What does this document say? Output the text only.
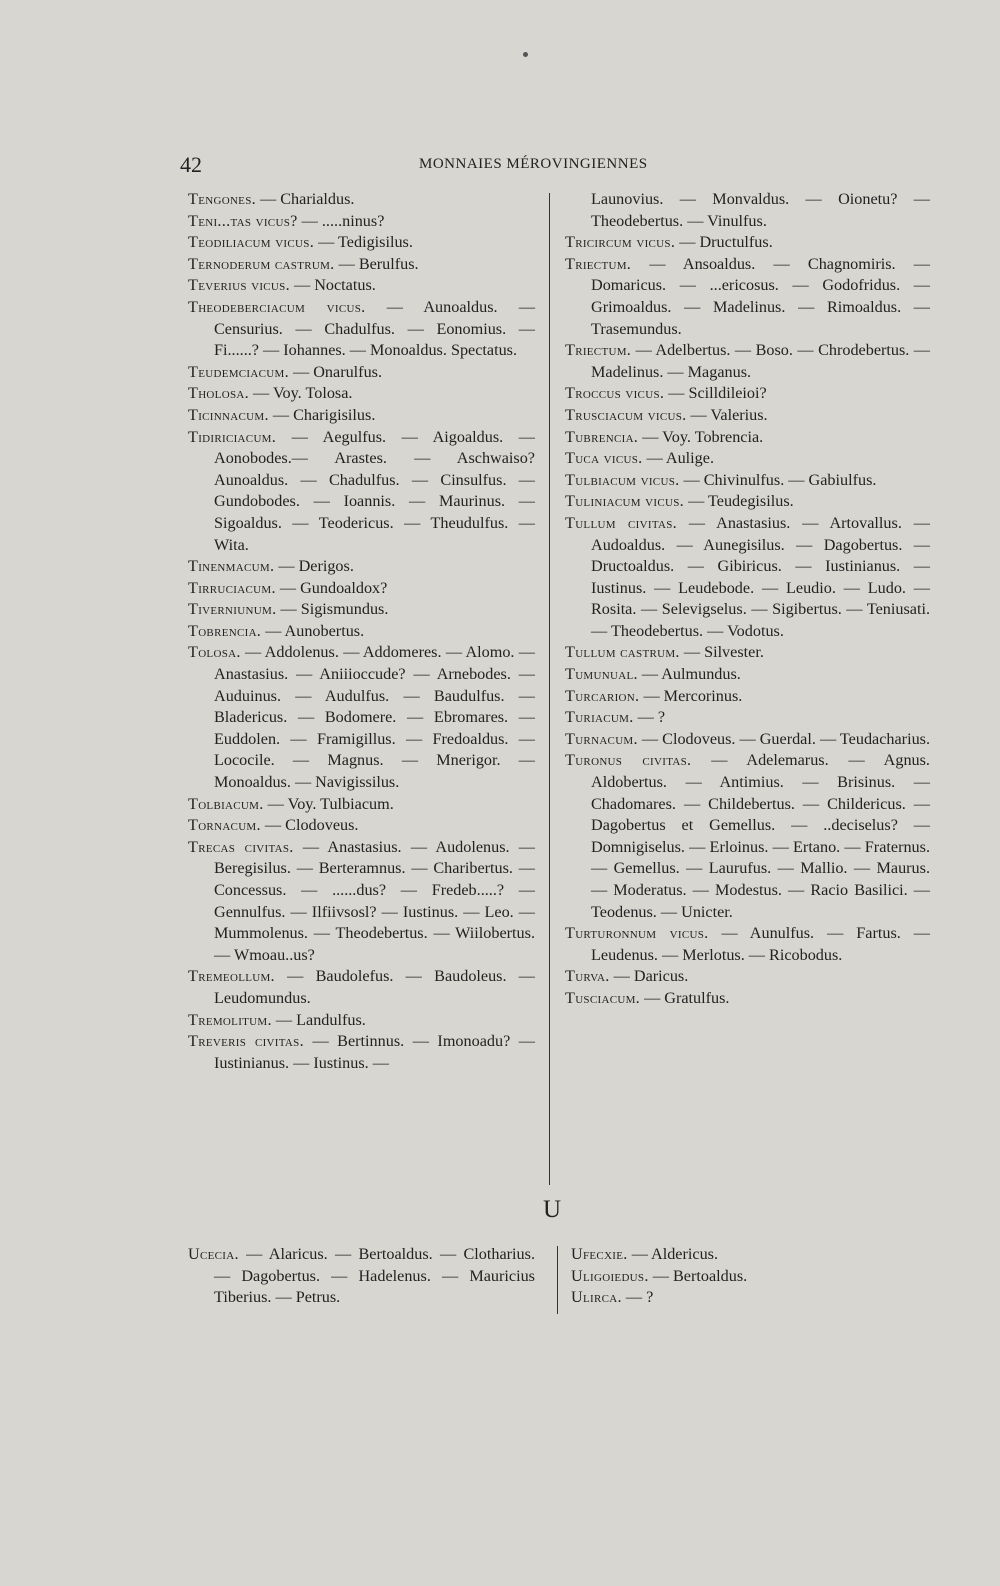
42	MONNAIES MÉROVINGIENNES
Tengones. — Charialdus.
Teni...tas vicus? — .....ninus?
Teodiliacum vicus. — Tedigisilus.
Ternoderum castrum. — Berulfus.
Teverius vicus. — Noctatus.
Theodeberciacum vicus. — Aunoaldus. — Censurius. — Chadulfus. — Eonomius. — Fi......? — Iohannes. — Monoaldus. Spectatus.
Teudemciacum. — Onarulfus.
Tholosa. — Voy. Tolosa.
Ticinnacum. — Charigisilus.
Tidiriciacum. — Aegulfus. — Aigoaldus. — Aonobodes.— Arastes. — Aschwaiso? Aunoaldus. — Chadulfus. — Cinsulfus. — Gundobodes. — Ioannis. — Maurinus. — Sigoaldus. — Teodericus. — Theudulfus. — Wita.
Tinenmacum. — Derigos.
Tirruciacum. — Gundoaldox?
Tiverniunum. — Sigismundus.
Tobrencia. — Aunobertus.
Tolosa. — Addolenus. — Addomeres. — Alomo. — Anastasius. — Aniiioccude? — Arnebodes. — Auduinus. — Audulfus. — Baudulfus. — Bladericus. — Bodomere. — Ebromares. — Euddolen. — Framigillus. — Fredoaldus. — Lococile. — Magnus. — Mnerigor. — Monoaldus. — Navigissilus.
Tolbiacum. — Voy. Tulbiacum.
Tornacum. — Clodoveus.
Trecas civitas. — Anastasius. — Audolenus. — Beregisilus. — Berteramnus. — Charibertus. — Concessus. — ......dus? — Fredeb.....? — Gennulfus. — Ilfiivsosl? — Iustinus. — Leo. — Mummolenus. — Theodebertus. — Wiilobertus. — Wmoau..us?
Tremeollum. — Baudolefus. — Baudoleus. — Leudomundus.
Tremolitum. — Landulfus.
Treveris civitas. — Bertinnus. — Imonoadu? — Iustinianus. — Iustinus. —
Launovius. — Monvaldus. — Oionetu? — Theodebertus. — Vinulfus.
Tricircum vicus. — Dructulfus.
Triectum. — Ansoaldus. — Chagnomiris. — Domaricus. — ...ericosus. — Godofridus. — Grimoaldus. — Madelinus. — Rimoaldus. — Trasemundus.
Triectum. — Adelbertus. — Boso. — Chrodebertus. — Madelinus. — Maganus.
Troccus vicus. — Scilldileioi?
Trusciacum vicus. — Valerius.
Tubrencia. — Voy. Tobrencia.
Tuca vicus. — Aulige.
Tulbiacum vicus. — Chivinulfus. — Gabiulfus.
Tuliniacum vicus. — Teudegisilus.
Tullum civitas. — Anastasius. — Artovallus. — Audoaldus. — Aunegisilus. — Dagobertus. — Dructoaldus. — Gibiricus. — Iustinianus. — Iustinus. — Leudebode. — Leudio. — Ludo. — Rosita. — Selevigselus. — Sigibertus. — Teniusati. — Theodebertus. — Vodotus.
Tullum castrum. — Silvester.
Tumunual. — Aulmundus.
Turcarion. — Mercorinus.
Turiacum. — ?
Turnacum. — Clodoveus. — Guerdal. — Teudacharius.
Turonus civitas. — Adelemarus. — Agnus. Aldobertus. — Antimius. — Brisinus. — Chadomares. — Childebertus. — Childericus. — Dagobertus et Gemellus. — ..deciselus? — Domnigiselus. — Erloinus. — Ertano. — Fraternus. — Gemellus. — Laurufus. — Mallio. — Maurus. — Moderatus. — Modestus. — Racio Basilici. — Teodenus. — Unicter.
Turturonnum vicus. — Aunulfus. — Fartus. — Leudenus. — Merlotus. — Ricobodus.
Turva. — Daricus.
Tusciacum. — Gratulfus.
U
Ucecia. — Alaricus. — Bertoaldus. — Clotharius. — Dagobertus. — Hadelenus. — Mauricius Tiberius. — Petrus.
Ufecxie. — Aldericus.
Uligoiedus. — Bertoaldus.
Ulirca. — ?
